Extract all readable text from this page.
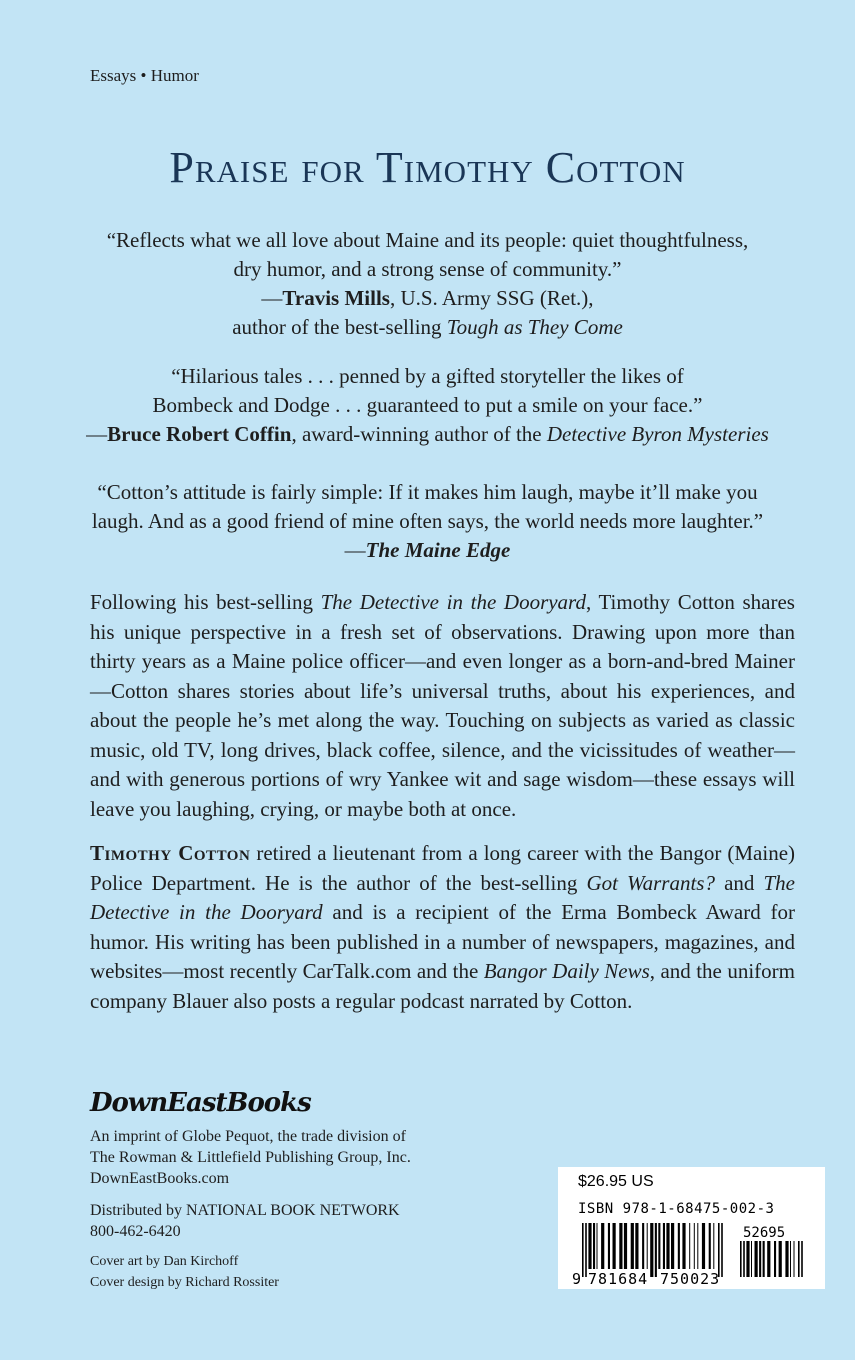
Essays • Humor
Praise for Timothy Cotton
“Reflects what we all love about Maine and its people: quiet thoughtfulness,
dry humor, and a strong sense of community.”
—Travis Mills, U.S. Army SSG (Ret.),
author of the best-selling Tough as They Come
“Hilarious tales . . . penned by a gifted storyteller the likes of
Bombeck and Dodge . . . guaranteed to put a smile on your face.”
—Bruce Robert Coffin, award-winning author of the Detective Byron Mysteries
“Cotton’s attitude is fairly simple: If it makes him laugh, maybe it’ll make you
laugh. And as a good friend of mine often says, the world needs more laughter.”
—The Maine Edge
Following his best-selling The Detective in the Dooryard, Timothy Cotton shares his unique perspective in a fresh set of observations. Drawing upon more than thirty years as a Maine police officer—and even longer as a born-and-bred Mainer—Cotton shares stories about life’s universal truths, about his experiences, and about the people he’s met along the way. Touching on subjects as varied as classic music, old TV, long drives, black coffee, silence, and the vicissitudes of weather—and with generous portions of wry Yankee wit and sage wisdom—these essays will leave you laughing, crying, or maybe both at once.
Timothy Cotton retired a lieutenant from a long career with the Bangor (Maine) Police Department. He is the author of the best-selling Got Warrants? and The Detective in the Dooryard and is a recipient of the Erma Bombeck Award for humor. His writing has been published in a number of newspapers, magazines, and websites—most recently CarTalk.com and the Bangor Daily News, and the uniform company Blauer also posts a regular podcast narrated by Cotton.
DownEastBooks
An imprint of Globe Pequot, the trade division of
The Rowman & Littlefield Publishing Group, Inc.
DownEastBooks.com
Distributed by NATIONAL BOOK NETWORK
800-462-6420
Cover art by Dan Kirchoff
Cover design by Richard Rossiter
$26.95 US
ISBN 978-1-68475-002-3
52695
9 781684 750023
